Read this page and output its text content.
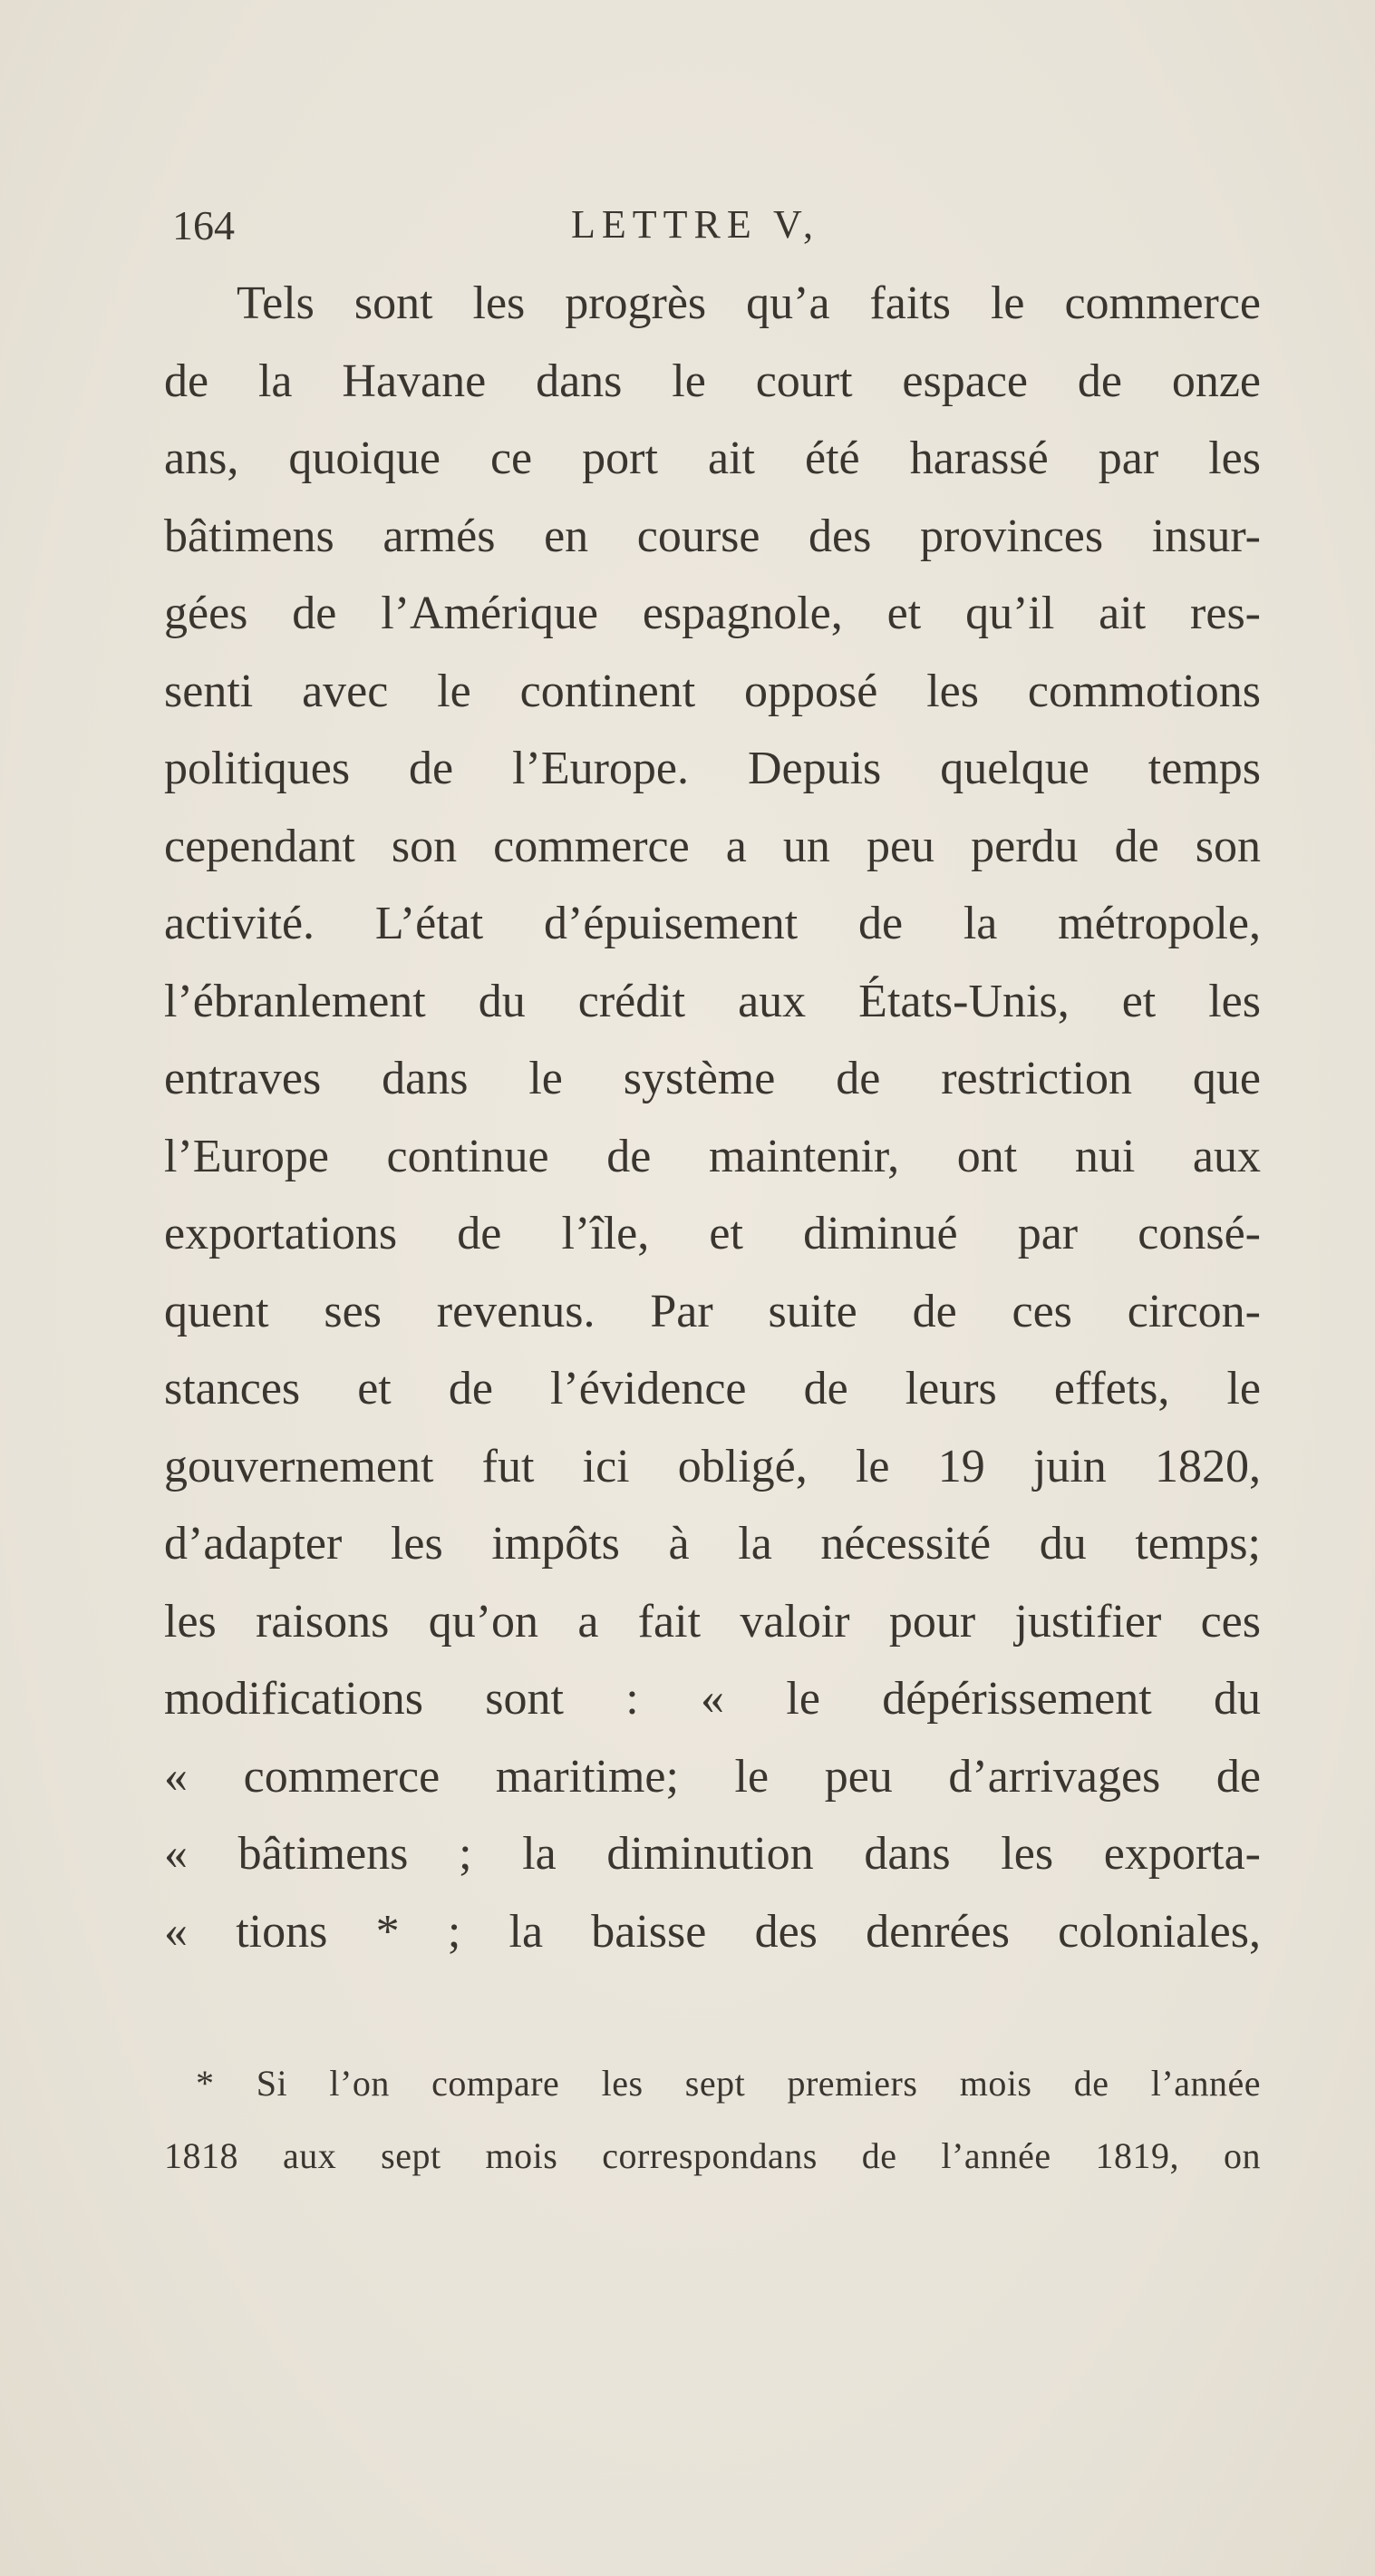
164	LETTRE V,
Tels sont les progrès qu’a faits le commerce
de la Havane dans le court espace de onze
ans, quoique ce port ait été harassé par les
bâtimens armés en course des provinces insur-
gées de l’Amérique espagnole, et qu’il ait res-
senti avec le continent opposé les commotions
politiques de l’Europe. Depuis quelque temps
cependant son commerce a un peu perdu de son
activité. L’état d’épuisement de la métropole,
l’ébranlement du crédit aux États-Unis, et les
entraves dans le système de restriction que
l’Europe continue de maintenir, ont nui aux
exportations de l’île, et diminué par consé-
quent ses revenus. Par suite de ces circon-
stances et de l’évidence de leurs effets, le
gouvernement fut ici obligé, le 19 juin 1820,
d’adapter les impôts à la nécessité du temps;
les raisons qu’on a fait valoir pour justifier ces
modifications sont : « le dépérissement du
« commerce maritime; le peu d’arrivages de
« bâtimens ; la diminution dans les exporta-
« tions * ; la baisse des denrées coloniales,
* Si l’on compare les sept premiers mois de l’année
1818 aux sept mois correspondans de l’année 1819, on
